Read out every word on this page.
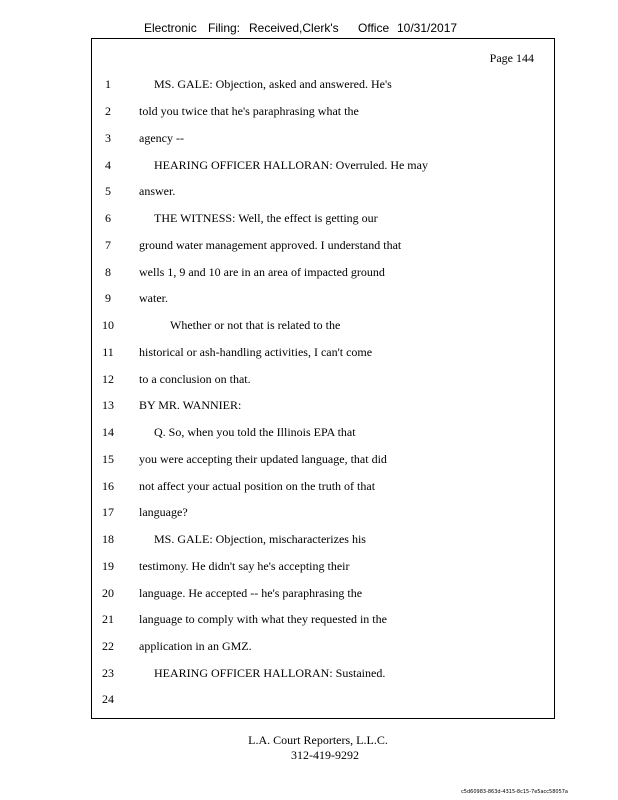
Electronic Filing: Received,Clerk's Office 10/31/2017
Page 144
1	MS. GALE: Objection, asked and answered. He's
2	told you twice that he's paraphrasing what the
3	agency --
4	HEARING OFFICER HALLORAN: Overruled. He may
5	answer.
6	THE WITNESS: Well, the effect is getting our
7	ground water management approved. I understand that
8	wells 1, 9 and 10 are in an area of impacted ground
9	water.
10	Whether or not that is related to the
11	historical or ash-handling activities, I can't come
12	to a conclusion on that.
13	BY MR. WANNIER:
14	Q. So, when you told the Illinois EPA that
15	you were accepting their updated language, that did
16	not affect your actual position on the truth of that
17	language?
18	MS. GALE: Objection, mischaracterizes his
19	testimony. He didn't say he's accepting their
20	language. He accepted -- he's paraphrasing the
21	language to comply with what they requested in the
22	application in an GMZ.
23	HEARING OFFICER HALLORAN: Sustained.
24
L.A. Court Reporters, L.L.C.
312-419-9292
c5d60983-863d-4315-8c15-7e5acc58057a
